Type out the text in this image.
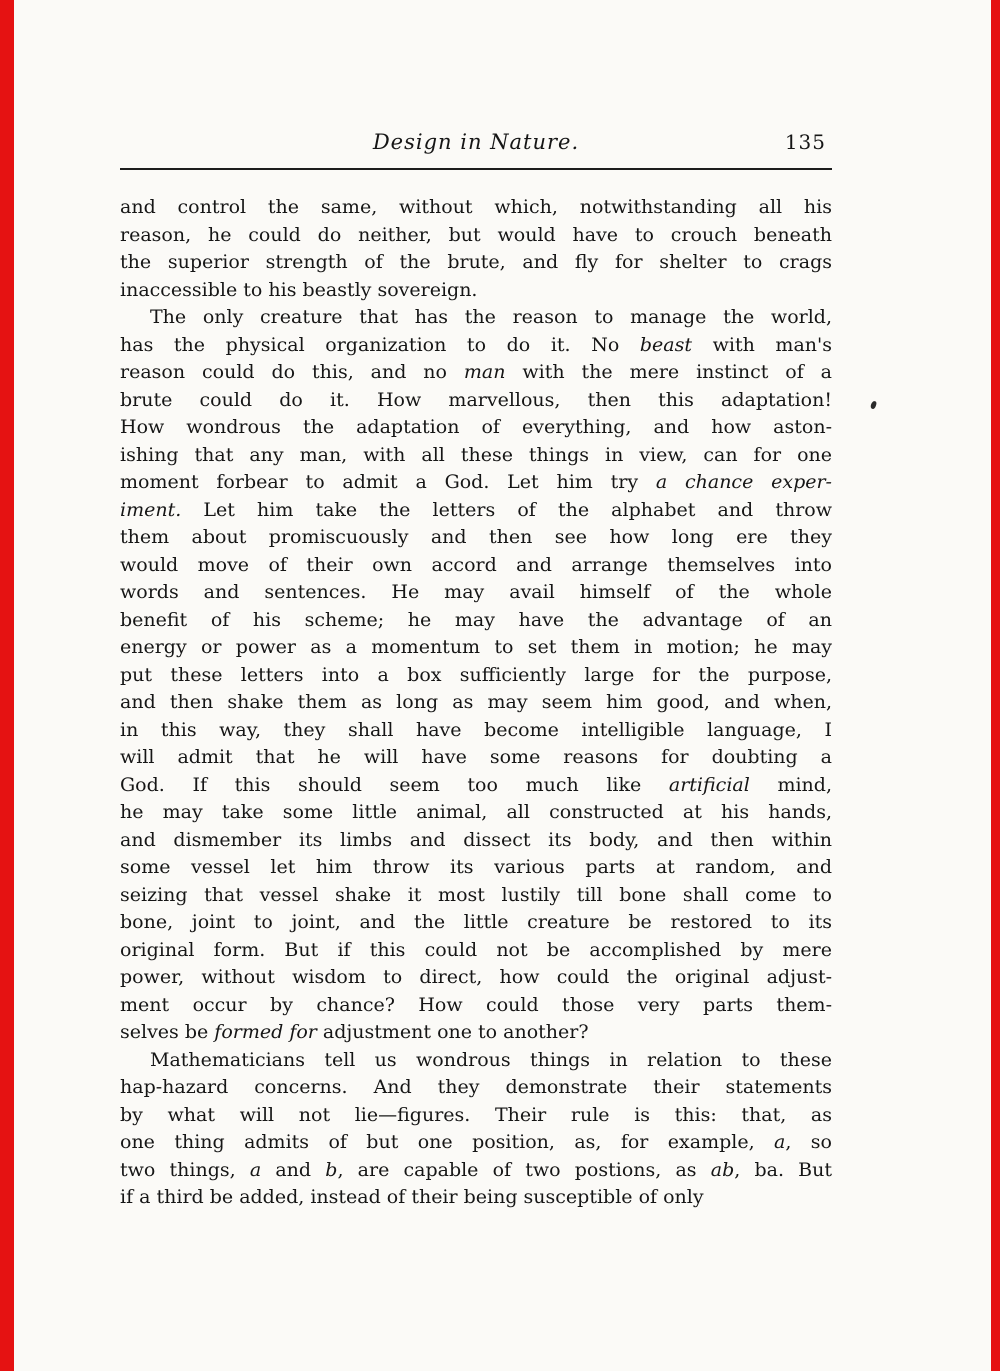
Design in Nature.	135
and control the same, without which, notwithstanding all his
reason, he could do neither, but would have to crouch beneath
the superior strength of the brute, and fly for shelter to crags
inaccessible to his beastly sovereign.
The only creature that has the reason to manage the world,
has the physical organization to do it. No beast with man's
reason could do this, and no man with the mere instinct of a
brute could do it. How marvellous, then this adaptation!
How wondrous the adaptation of everything, and how aston-
ishing that any man, with all these things in view, can for one
moment forbear to admit a God. Let him try a chance exper-
iment. Let him take the letters of the alphabet and throw
them about promiscuously and then see how long ere they
would move of their own accord and arrange themselves into
words and sentences. He may avail himself of the whole
benefit of his scheme; he may have the advantage of an
energy or power as a momentum to set them in motion; he may
put these letters into a box sufficiently large for the purpose,
and then shake them as long as may seem him good, and when,
in this way, they shall have become intelligible language, I
will admit that he will have some reasons for doubting a
God. If this should seem too much like artificial mind,
he may take some little animal, all constructed at his hands,
and dismember its limbs and dissect its body, and then within
some vessel let him throw its various parts at random, and
seizing that vessel shake it most lustily till bone shall come to
bone, joint to joint, and the little creature be restored to its
original form. But if this could not be accomplished by mere
power, without wisdom to direct, how could the original adjust-
ment occur by chance? How could those very parts them-
selves be formed for adjustment one to another?
Mathematicians tell us wondrous things in relation to these
hap-hazard concerns. And they demonstrate their statements
by what will not lie—figures. Their rule is this: that, as
one thing admits of but one position, as, for example, a, so
two things, a and b, are capable of two postions, as ab, ba. But
if a third be added, instead of their being susceptible of only
